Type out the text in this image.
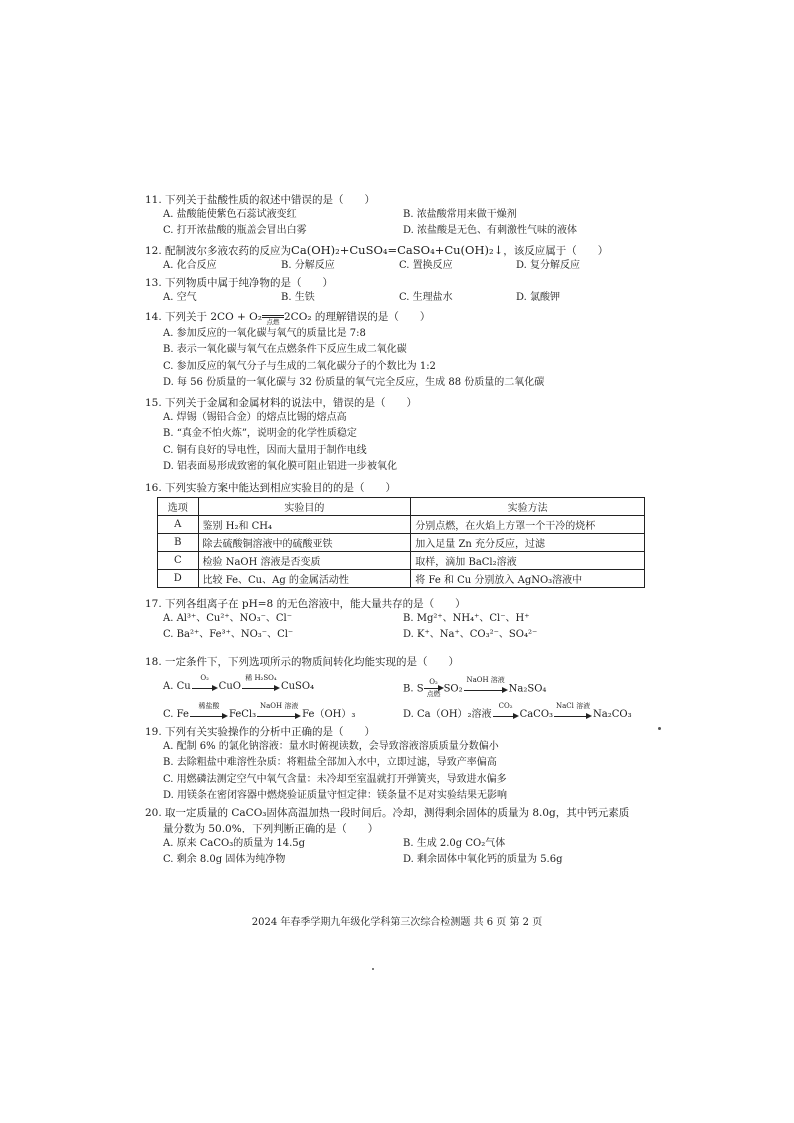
11. 下列关于盐酸性质的叙述中错误的是（　　）
A. 盐酸能使紫色石蕊试液变红	B. 浓盐酸常用来做干燥剂
C. 打开浓盐酸的瓶盖会冒出白雾	D. 浓盐酸是无色、有刺激性气味的液体
12. 配制波尔多液农药的反应为Ca(OH)₂+CuSO₄=CaSO₄+Cu(OH)₂↓，该反应属于（　　）
A. 化合反应	B. 分解反应	C. 置换反应	D. 复分解反应
13. 下列物质中属于纯净物的是（　　）
A. 空气	B. 生铁	C. 生理盐水	D. 氯酸钾
14. 下列关于 2CO + O₂ 点燃 2CO₂ 的理解错误的是（　　）
A. 参加反应的一氧化碳与氧气的质量比是 7:8
B. 表示一氧化碳与氧气在点燃条件下反应生成二氧化碳
C. 参加反应的氧气分子与生成的二氧化碳分子的个数比为 1:2
D. 每 56 份质量的一氧化碳与 32 份质量的氧气完全反应，生成 88 份质量的二氧化碳
15. 下列关于金属和金属材料的说法中，错误的是（　　）
A. 焊锡（锡铅合金）的熔点比锡的熔点高
B. “真金不怕火炼”，说明金的化学性质稳定
C. 铜有良好的导电性，因而大量用于制作电线
D. 铝表面易形成致密的氧化膜可阻止铝进一步被氧化
16. 下列实验方案中能达到相应实验目的的是（　　）
选项	实验目的	实验方法
A	鉴别 H₂和 CH₄	分别点燃，在火焰上方罩一个干冷的烧杯
B	除去硫酸铜溶液中的硫酸亚铁	加入足量 Zn 充分反应，过滤
C	检验 NaOH 溶液是否变质	取样，滴加 BaCl₂溶液
D	比较 Fe、Cu、Ag 的金属活动性	将 Fe 和 Cu 分别放入 AgNO₃溶液中
17. 下列各组离子在 pH=8 的无色溶液中，能大量共存的是（　　）
A. Al³⁺、Cu²⁺、NO₃⁻、Cl⁻	B. Mg²⁺、NH₄⁺、Cl⁻、H⁺
C. Ba²⁺、Fe³⁺、NO₃⁻、Cl⁻	D. K⁺、Na⁺、CO₃²⁻、SO₄²⁻
18. 一定条件下，下列选项所示的物质间转化均能实现的是（　　）
A. Cu
O₂
CuO
稀 H₂SO₄
CuSO₄	B. S
O₂
点燃 SO₂
NaOH 溶液
Na₂SO₄
C. Fe
稀盐酸
FeCl₃
NaOH 溶液
Fe（OH）₃	D. Ca（OH）₂溶液
CO₂
CaCO₃
NaCl 溶液
Na₂CO₃
19. 下列有关实验操作的分析中正确的是（　　）
A. 配制 6% 的氯化钠溶液：量水时俯视读数，会导致溶液溶质质量分数偏小
B. 去除粗盐中难溶性杂质：将粗盐全部加入水中，立即过滤，导致产率偏高
C. 用燃磷法测定空气中氧气含量：未冷却至室温就打开弹簧夹，导致进水偏多
D. 用镁条在密闭容器中燃烧验证质量守恒定律：镁条量不足对实验结果无影响
20. 取一定质量的 CaCO₃固体高温加热一段时间后。冷却，测得剩余固体的质量为 8.0g，其中钙元素质
量分数为 50.0%．下列判断正确的是（　　）
A. 原来 CaCO₃的质量为 14.5g	B. 生成 2.0g CO₂气体
C. 剩余 8.0g 固体为纯净物	D. 剩余固体中氧化钙的质量为 5.6g
2024 年春季学期九年级化学科第三次综合检测题 共 6 页 第 2 页
